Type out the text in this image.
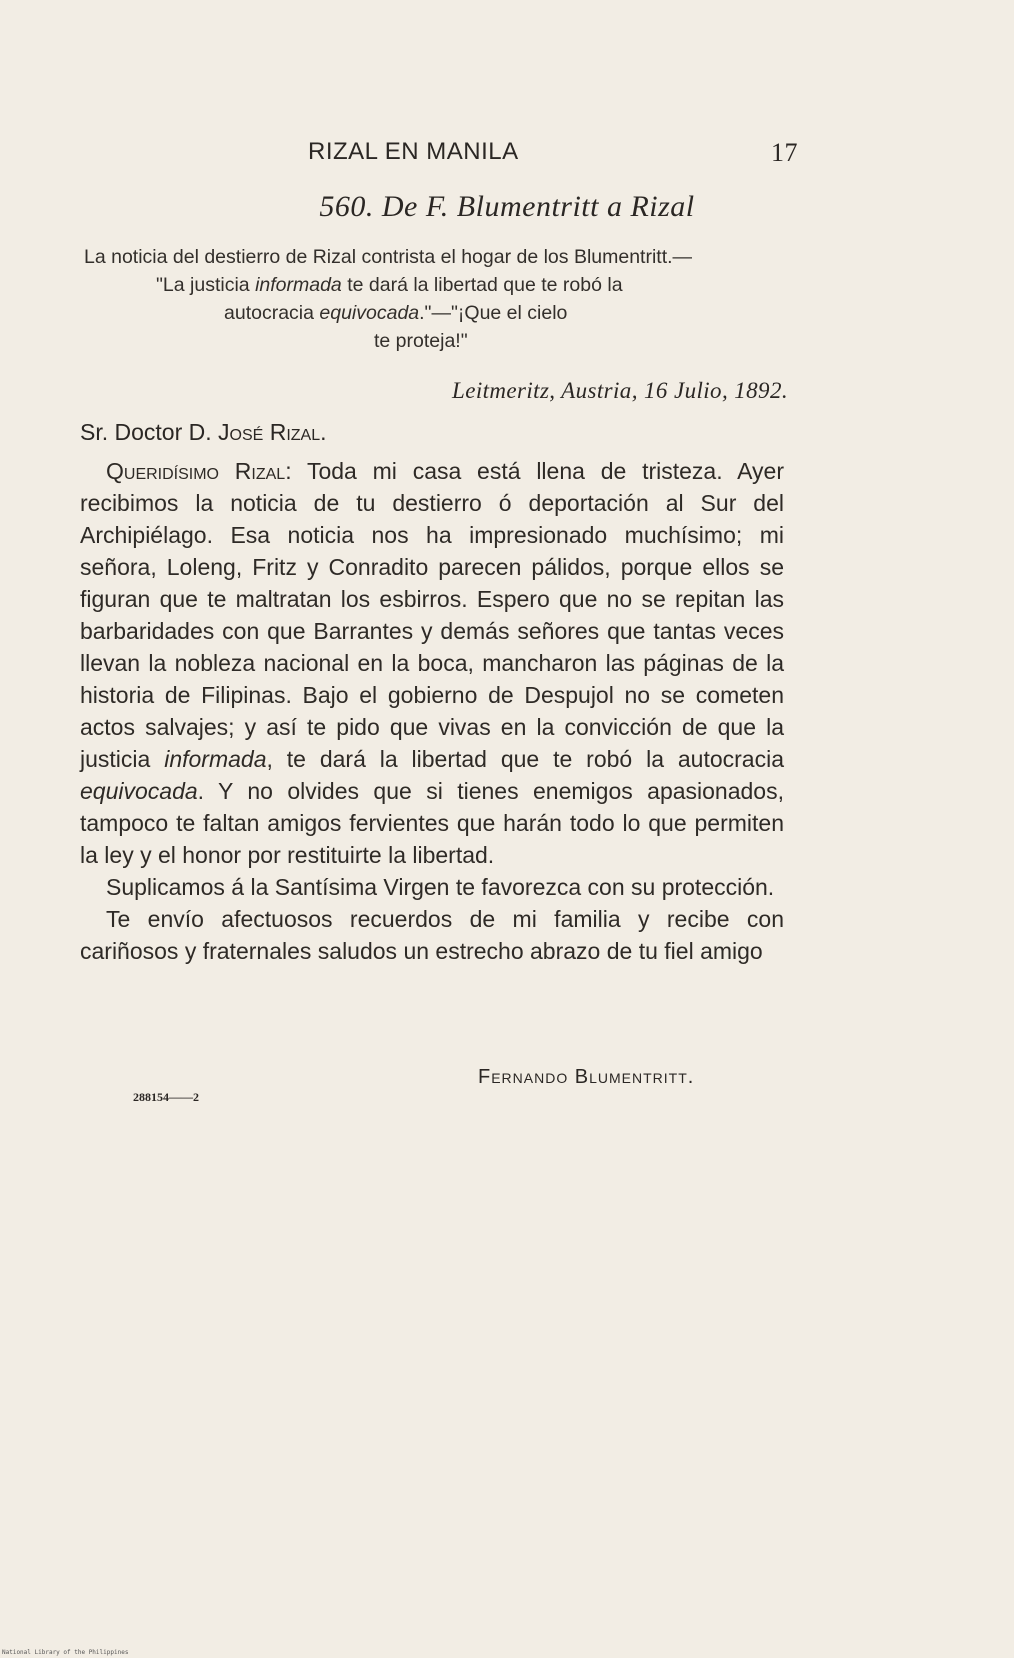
RIZAL EN MANILA	17
560. De F. Blumentritt a Rizal
La noticia del destierro de Rizal contrista el hogar de los Blumentritt.—
"La justicia informada te dará la libertad que te robó la
autocracia equivocada."—"¡Que el cielo
te proteja!"
Leitmeritz, Austria, 16 Julio, 1892.
Sr. Doctor D. José Rizal.

Queridísimo Rizal: Toda mi casa está llena de tristeza. Ayer recibimos la noticia de tu destierro ó deportación al Sur del Archipiélago. Esa noticia nos ha impresionado muchísimo; mi señora, Loleng, Fritz y Conradito parecen pálidos, porque ellos se figuran que te maltratan los esbirros. Espero que no se repitan las barbaridades con que Barrantes y demás señores que tantas veces llevan la nobleza nacional en la boca, mancharon las páginas de la historia de Filipinas. Bajo el gobierno de Despujol no se cometen actos salvajes; y así te pido que vivas en la convicción de que la justicia informada, te dará la libertad que te robó la autocracia equivocada. Y no olvides que si tienes enemigos apasionados, tampoco te faltan amigos fervientes que harán todo lo que permiten la ley y el honor por restituirte la libertad.

Suplicamos á la Santísima Virgen te favorezca con su protección.

Te envío afectuosos recuerdos de mi familia y recibe con cariñosos y fraternales saludos un estrecho abrazo de tu fiel amigo

Fernando Blumentritt.
288154——2
National Library of the Philippines
